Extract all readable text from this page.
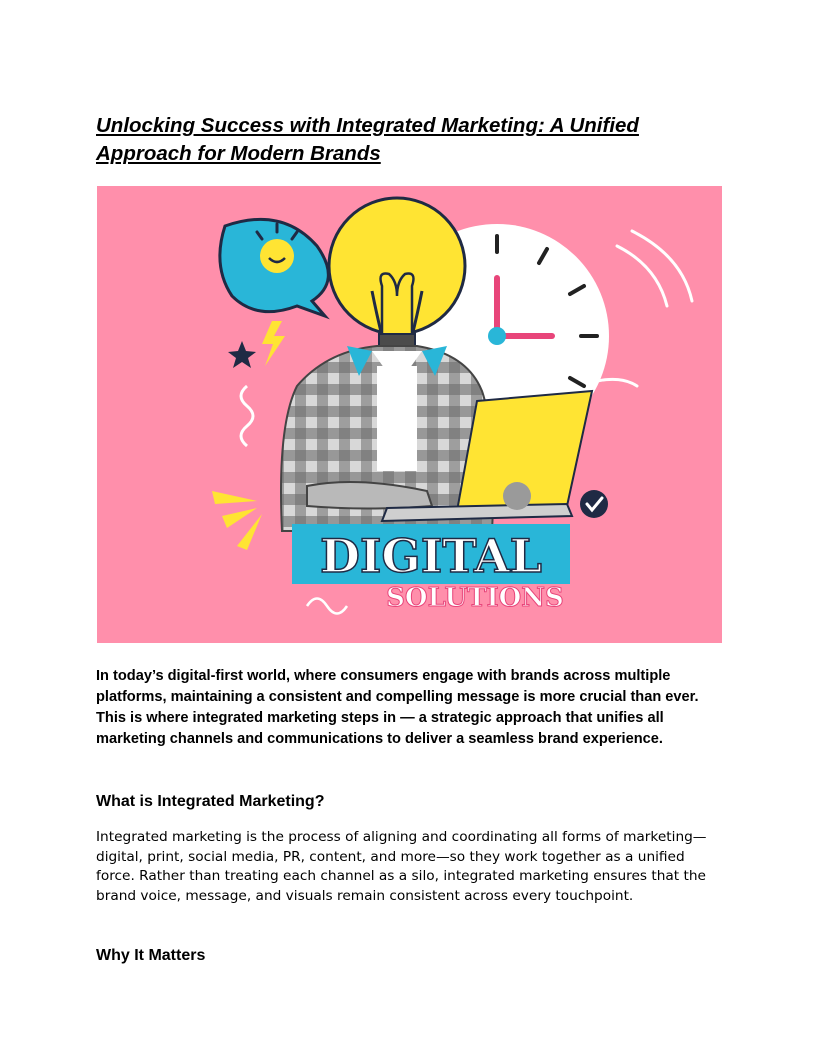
Unlocking Success with Integrated Marketing: A Unified Approach for Modern Brands
DIGITAL
SOLUTIONS

In today’s digital-first world, where consumers engage with brands across multiple platforms, maintaining a consistent and compelling message is more crucial than ever. This is where integrated marketing steps in — a strategic approach that unifies all marketing channels and communications to deliver a seamless brand experience.

What is Integrated Marketing?

Integrated marketing is the process of aligning and coordinating all forms of marketing—digital, print, social media, PR, content, and more—so they work together as a unified force. Rather than treating each channel as a silo, integrated marketing ensures that the brand voice, message, and visuals remain consistent across every touchpoint.

Why It Matters
